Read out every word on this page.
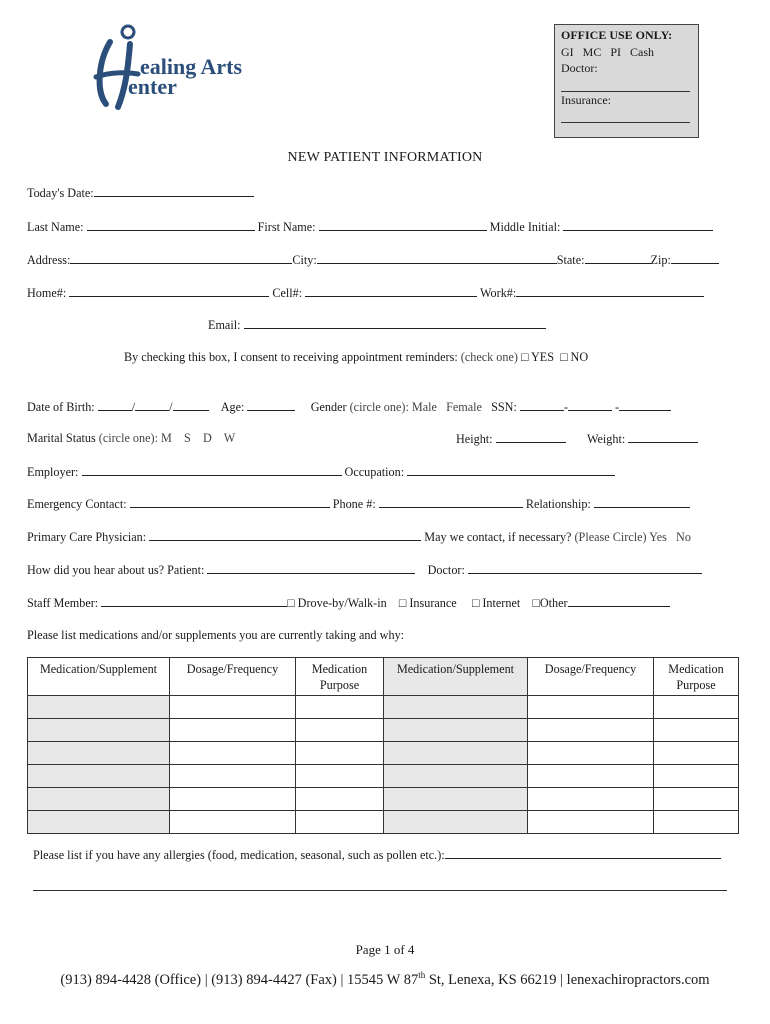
ealing Arts
enter
OFFICE USE ONLY:
GI   MC   PI   Cash
Doctor:
Insurance:
NEW PATIENT INFORMATION
Today's Date:
Last Name:	First Name:	Middle Initial:
Address:	City:	State:	Zip:
Home#:	Cell#:	Work#:
Email:
By checking this box, I consent to receiving appointment reminders: (check one) □ YES □ NO
Date of Birth:	/	/	Age:	Gender (circle one): Male   Female SSN:	-	-
Marital Status (circle one): M    S    D    W	Height:	Weight:
Employer:	Occupation:
Emergency Contact:	Phone #:	Relationship:
Primary Care Physician:	May we contact, if necessary? (Please Circle) Yes   No
How did you hear about us? Patient:	Doctor:
Staff Member:	□ Drove-by/Walk-in □ Insurance □ Internet □Other
Please list medications and/or supplements you are currently taking and why:
Medication/Supplement	Dosage/Frequency	Medication Purpose	Medication/Supplement	Dosage/Frequency	Medication Purpose

Please list if you have any allergies (food, medication, seasonal, such as pollen etc.):
Page 1 of 4
(913) 894-4428 (Office) | (913) 894-4427 (Fax) | 15545 W 87th St, Lenexa, KS 66219 | lenexachiropractors.com
